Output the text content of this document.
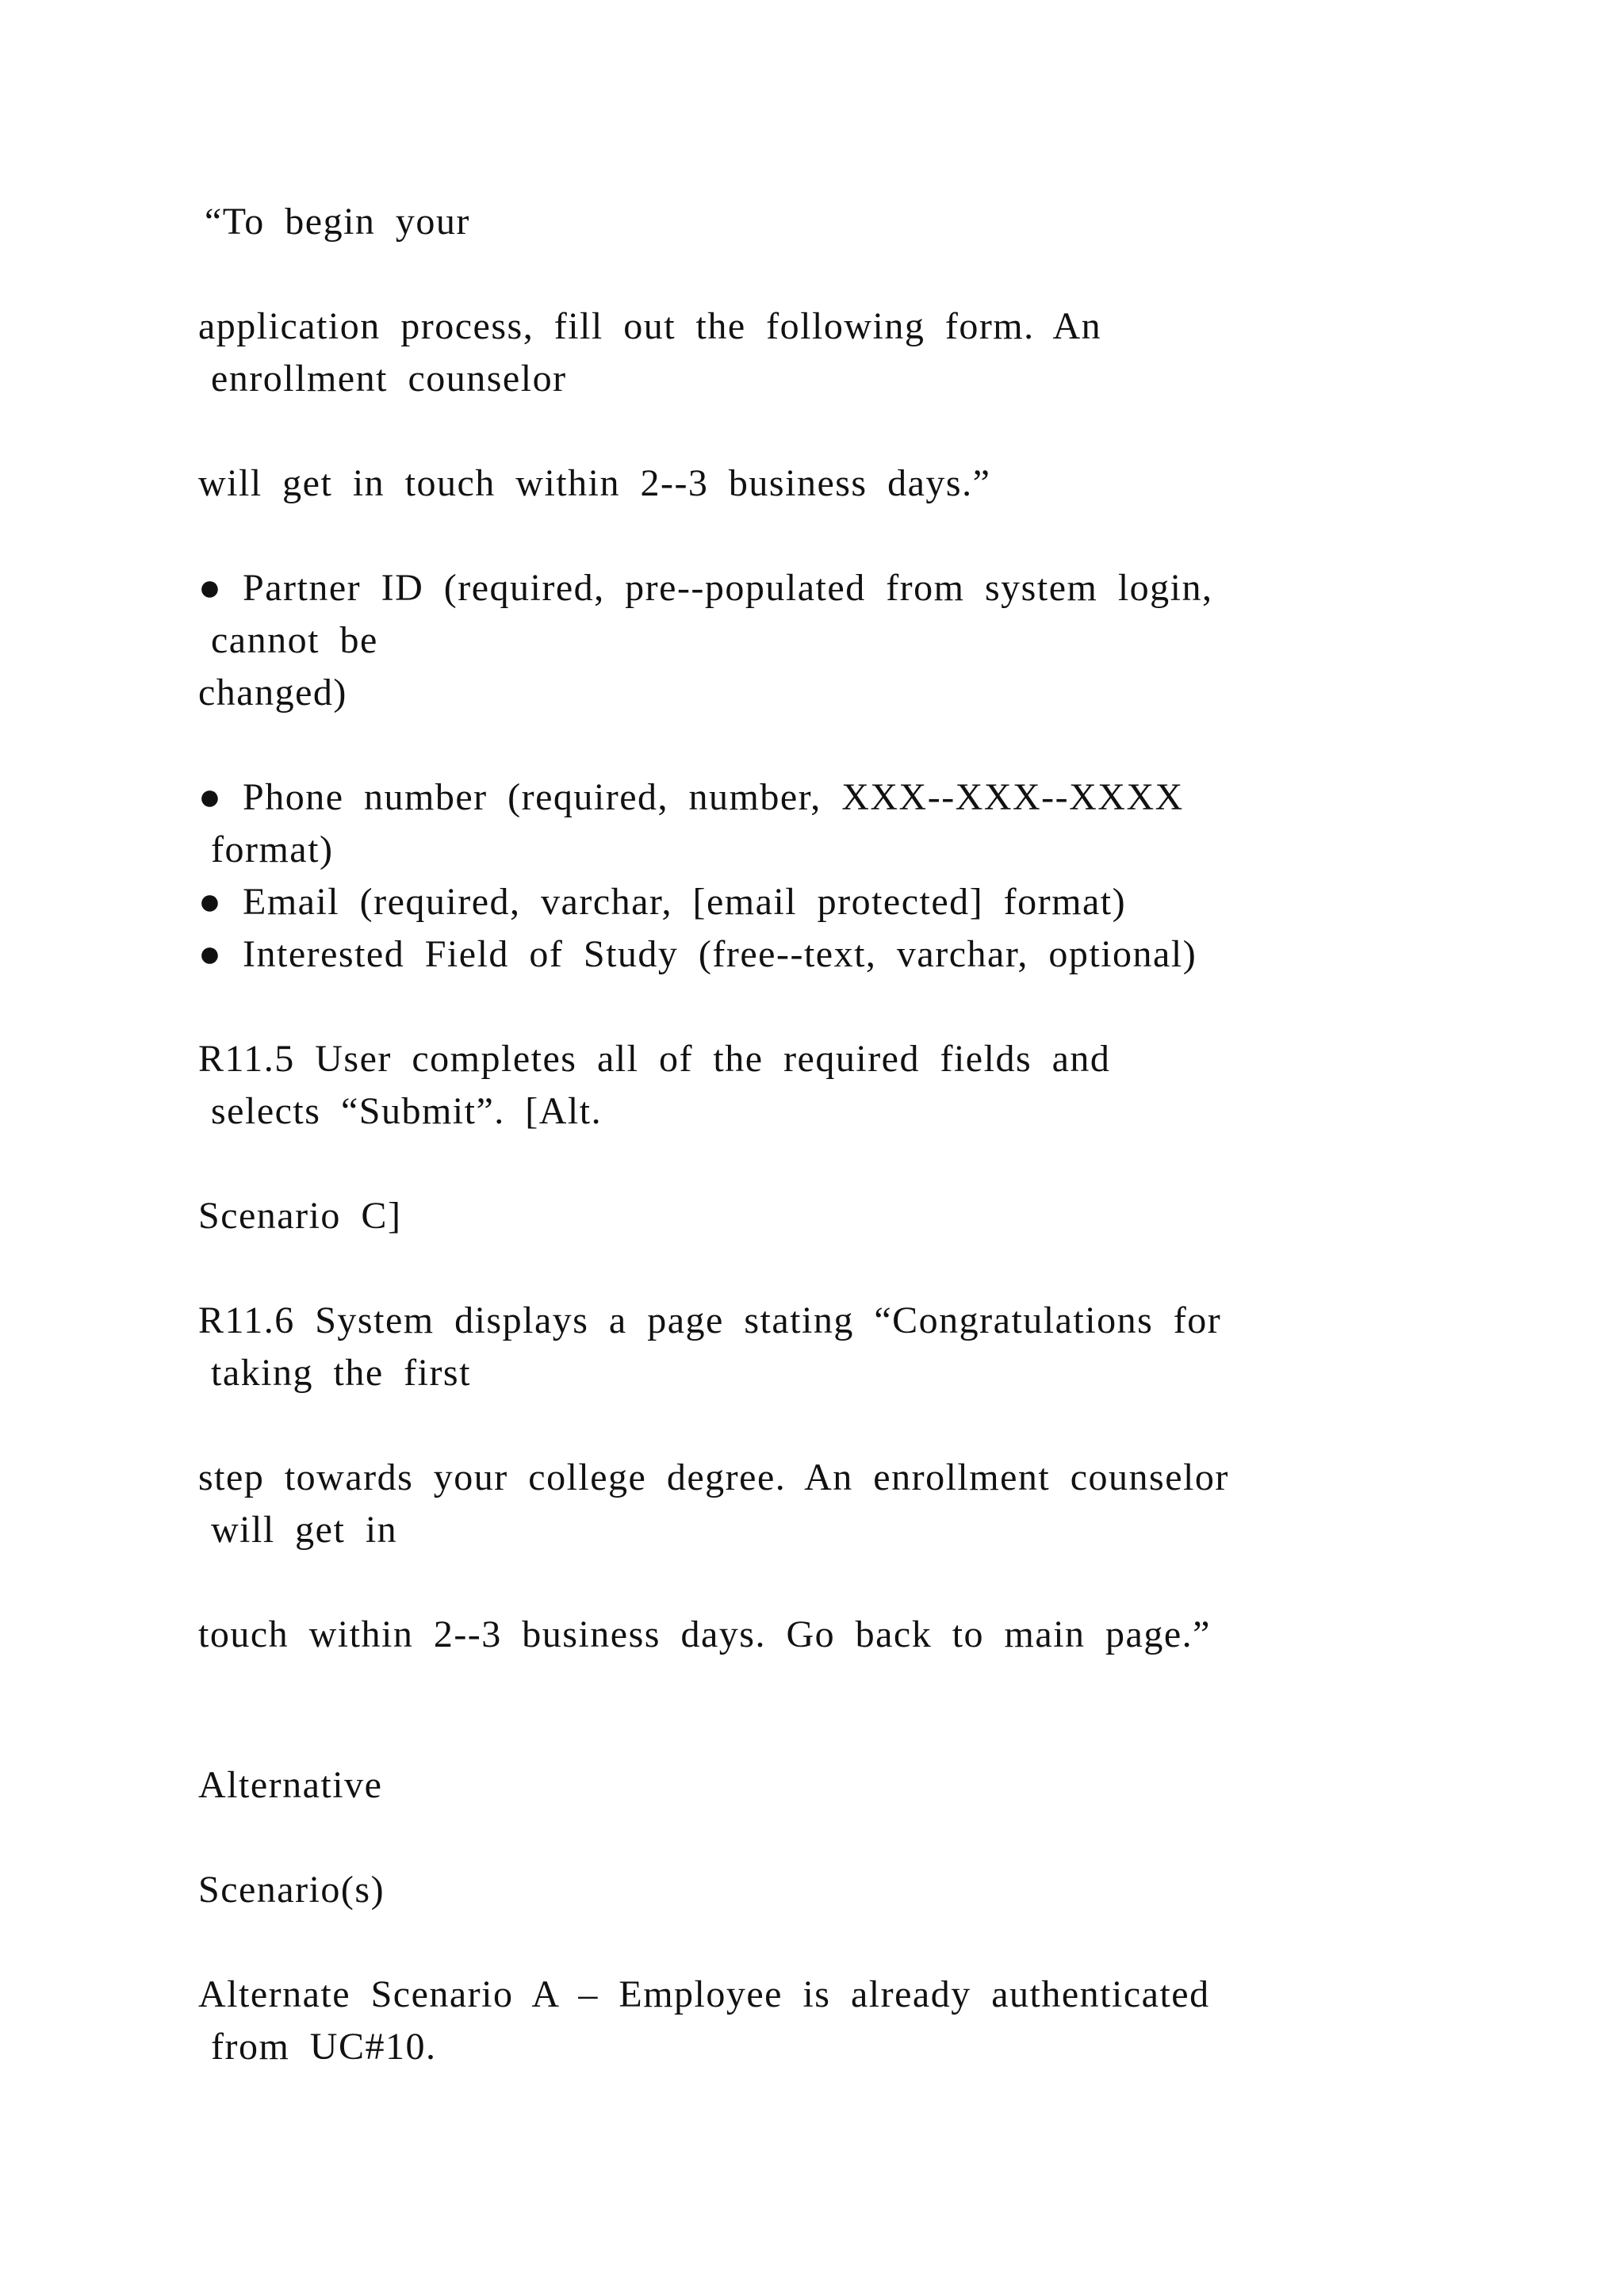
“To begin your

application process, fill out the following form. An

enrollment counselor

will get in touch within 2--3 business days.”

● Partner ID (required, pre--populated from system login,

cannot be

changed)

● Phone number (required, number, XXX--XXX--XXXX

format)

● Email (required, varchar, [email protected] format)

● Interested Field of Study (free--text, varchar, optional)

R11.5 User completes all of the required fields and

selects “Submit”. [Alt.

Scenario C]

R11.6 System displays a page stating “Congratulations for

taking the first

step towards your college degree. An enrollment counselor

will get in

touch within 2--3 business days. Go back to main page.”

Alternative

Scenario(s)

Alternate Scenario A – Employee is already authenticated

from UC#10.
